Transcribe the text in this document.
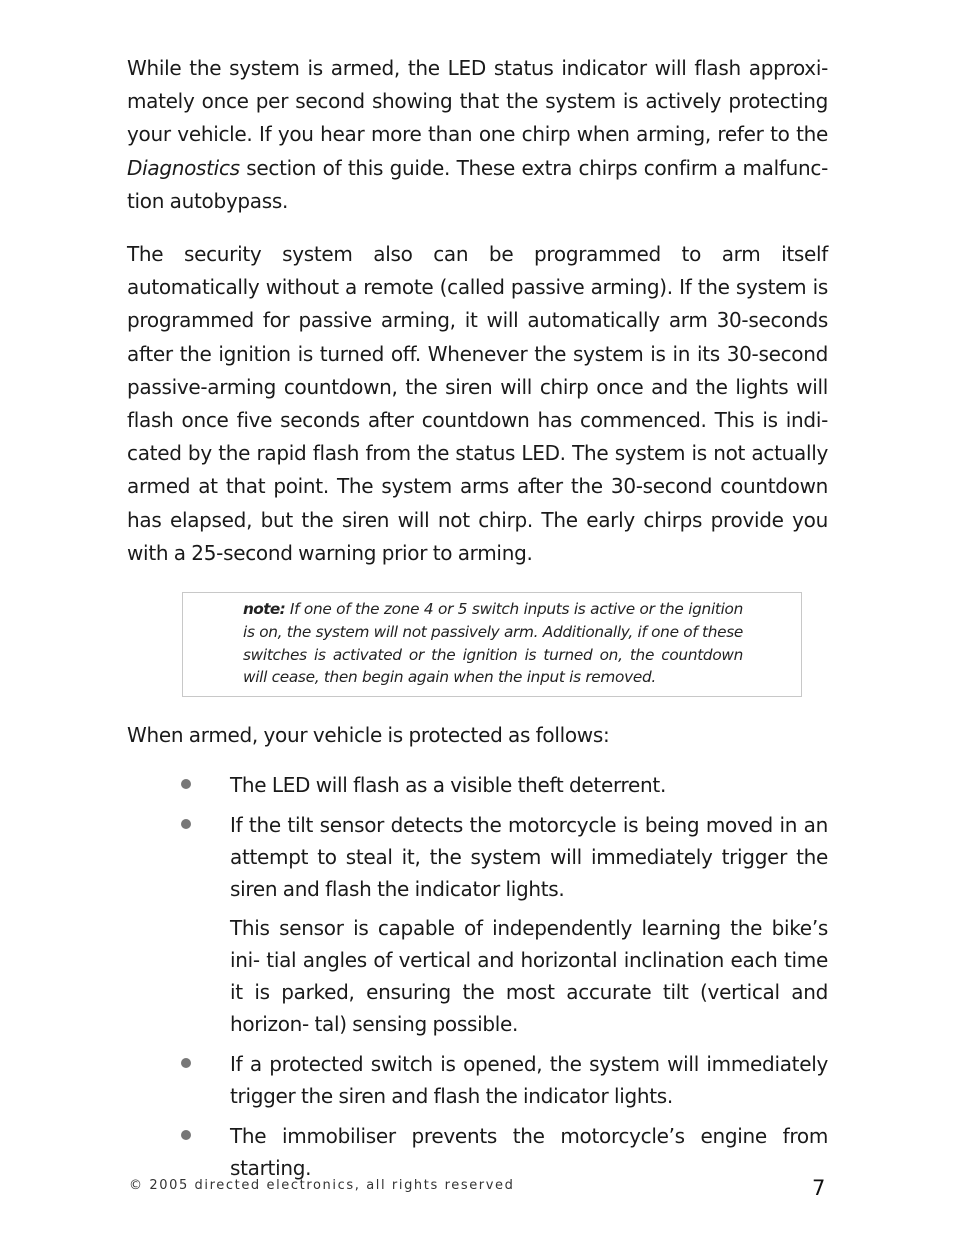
While the system is armed, the LED status indicator will flash approxi- mately once per second showing that the system is actively protecting your vehicle. If you hear more than one chirp when arming, refer to the Diagnostics section of this guide. These extra chirps confirm a malfunc- tion autobypass.

The security system also can be programmed to arm itself
automatically without a remote (called passive arming). If the system is programmed for passive arming, it will automatically arm 30-seconds after the ignition is turned off. Whenever the system is in its 30-second passive-arming countdown, the siren will chirp once and the lights will flash once five seconds after countdown has commenced. This is indi- cated by the rapid flash from the status LED. The system is not actually armed at that point. The system arms after the 30-second countdown has elapsed, but the siren will not chirp. The early chirps provide you with a 25-second warning prior to arming.

note: If one of the zone 4 or 5 switch inputs is active or the ignition is on, the system will not passively arm. Additionally, if one of these switches is activated or the ignition is turned on, the countdown will cease, then begin again when the input is removed.

When armed, your vehicle is protected as follows:

The LED will flash as a visible theft deterrent.

If the tilt sensor detects the motorcycle is being moved in an attempt to steal it, the system will immediately trigger the siren and flash the indicator lights.

This sensor is capable of independently learning the bike’s ini- tial angles of vertical and horizontal inclination each time it is parked, ensuring the most accurate tilt (vertical and horizon- tal) sensing possible.

If a protected switch is opened, the system will immediately trigger the siren and flash the indicator lights.

The immobiliser prevents the motorcycle’s engine from starting.

© 2005 directed electronics, all rights reserved	7
